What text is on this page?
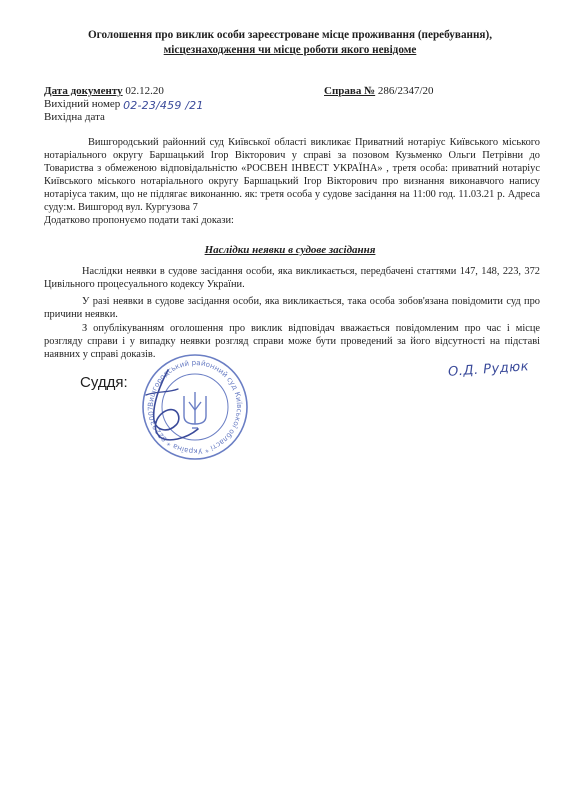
Оголошення про виклик особи зареєстроване місце проживання (перебування),
місцезнаходження чи місце роботи якого невідоме
Дата документу 02.12.20	Справа № 286/2347/20
Вихідний номер 02-23/459 /21
Вихідна дата
Вишгородський районний суд Київської області викликає Приватний нотаріус Київського міського нотаріального округу Баршацький Ігор Вікторович у справі за позовом Кузьменко Ольги Петрівни до Товариства з обмеженою відповідальністю «РОСВЕН ІНВЕСТ УКРАЇНА» , третя особа: приватний нотаріус Київського міського нотаріального округу Баршацький Ігор Вікторович про визнання виконавчого напису нотаріуса таким, що не підлягає виконанню. як: третя особа у судове засідання на 11:00 год. 11.03.21 р. Адреса суду:м. Вишгород вул. Кургузова 7
Додатково пропонуємо подати такі докази:
Наслідки неявки в судове засідання
Наслідки неявки в судове засідання особи, яка викликається, передбачені статтями 147, 148, 223, 372 Цивільного процесуального кодексу України.
У разі неявки в судове засідання особи, яка викликається, така особа зобов'язана повідомити суд про причини неявки.
З опублікуванням оголошення про виклик відповідач вважається повідомленим про час і місце розгляду справи і у випадку неявки розгляд справи може бути проведений за його відсутності на підставі наявних у справі доказів.
Суддя:
Вишгородський районний суд Київської області * Україна * 02293007
О.Д. Рудюк
